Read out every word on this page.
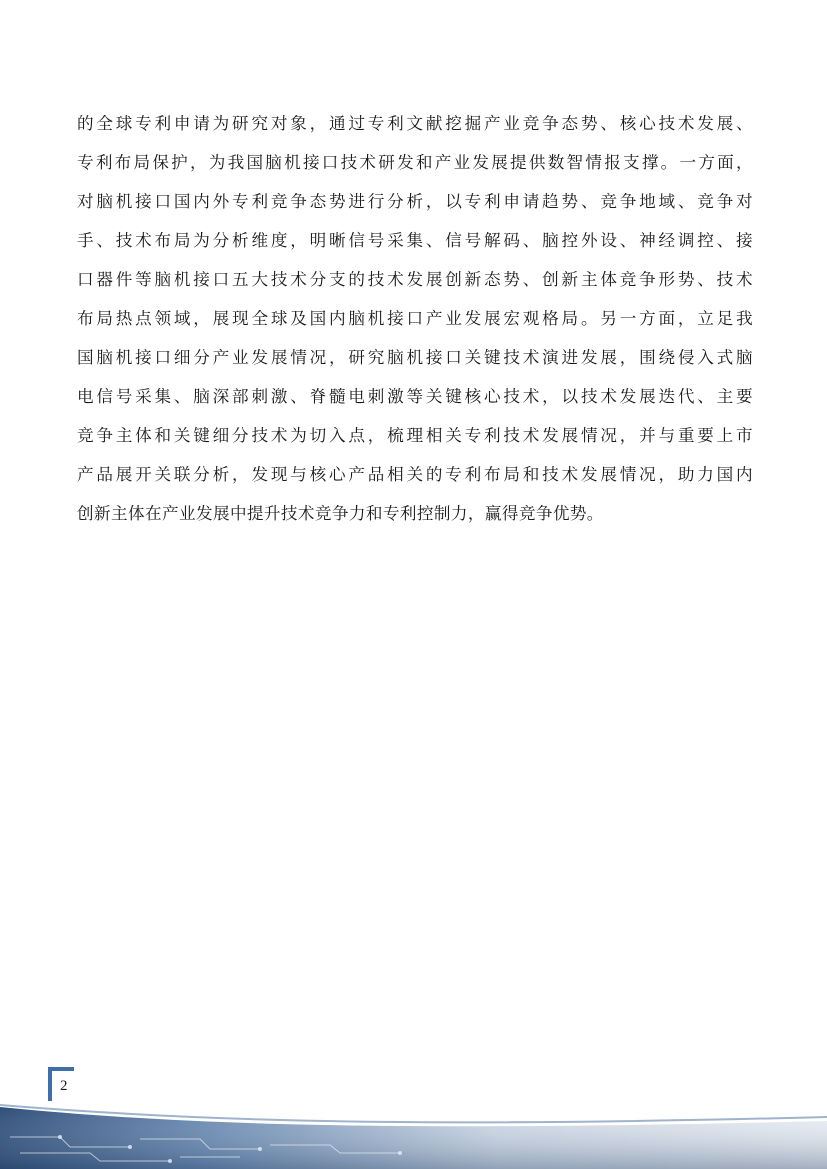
的全球专利申请为研究对象，通过专利文献挖掘产业竞争态势、核心技术发展、
专利布局保护，为我国脑机接口技术研发和产业发展提供数智情报支撑。一方面，
对脑机接口国内外专利竞争态势进行分析，以专利申请趋势、竞争地域、竞争对
手、技术布局为分析维度，明晰信号采集、信号解码、脑控外设、神经调控、接
口器件等脑机接口五大技术分支的技术发展创新态势、创新主体竞争形势、技术
布局热点领域，展现全球及国内脑机接口产业发展宏观格局。另一方面，立足我
国脑机接口细分产业发展情况，研究脑机接口关键技术演进发展，围绕侵入式脑
电信号采集、脑深部刺激、脊髓电刺激等关键核心技术，以技术发展迭代、主要
竞争主体和关键细分技术为切入点，梳理相关专利技术发展情况，并与重要上市
产品展开关联分析，发现与核心产品相关的专利布局和技术发展情况，助力国内
创新主体在产业发展中提升技术竞争力和专利控制力，赢得竞争优势。
2
